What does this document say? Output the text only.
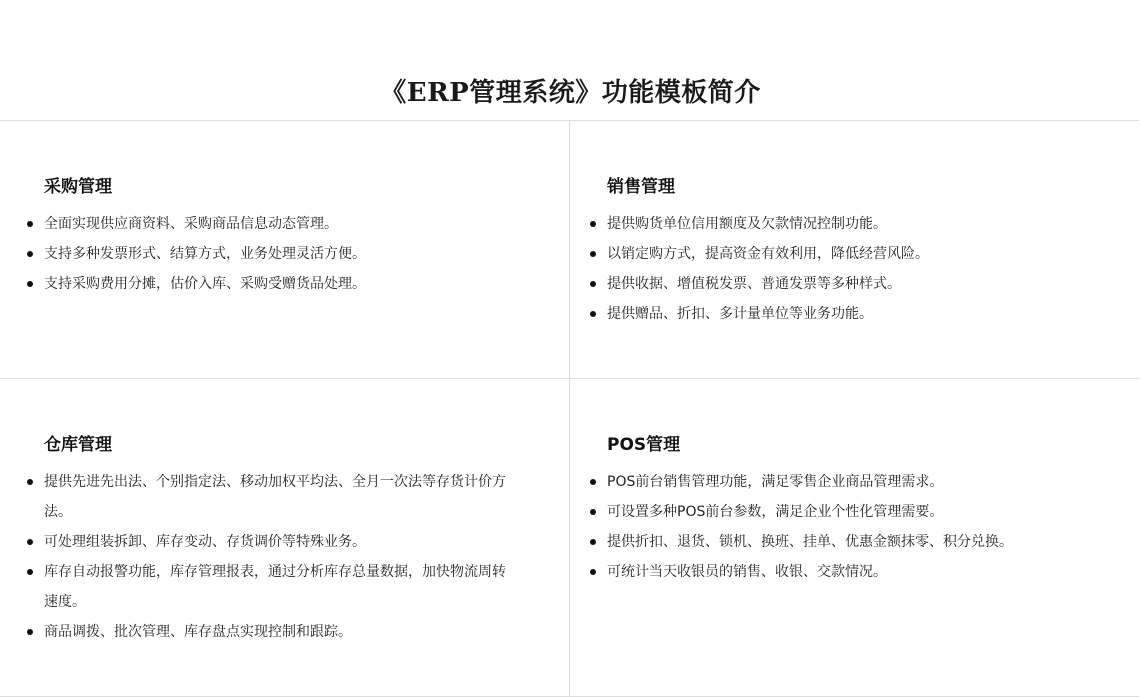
《ERP管理系统》功能模板简介
采购管理
全面实现供应商资料、采购商品信息动态管理。
支持多种发票形式、结算方式，业务处理灵活方便。
支持采购费用分摊，估价入库、采购受赠货品处理。
销售管理
提供购货单位信用额度及欠款情况控制功能。
以销定购方式，提高资金有效利用，降低经营风险。
提供收据、增值税发票、普通发票等多种样式。
提供赠品、折扣、多计量单位等业务功能。
仓库管理
提供先进先出法、个别指定法、移动加权平均法、全月一次法等存货计价方法。
可处理组装拆卸、库存变动、存货调价等特殊业务。
库存自动报警功能，库存管理报表，通过分析库存总量数据，加快物流周转速度。
商品调拨、批次管理、库存盘点实现控制和跟踪。
POS管理
POS前台销售管理功能，满足零售企业商品管理需求。
可设置多种POS前台参数，满足企业个性化管理需要。
提供折扣、退货、锁机、换班、挂单、优惠金额抹零、积分兑换。
可统计当天收银员的销售、收银、交款情况。
